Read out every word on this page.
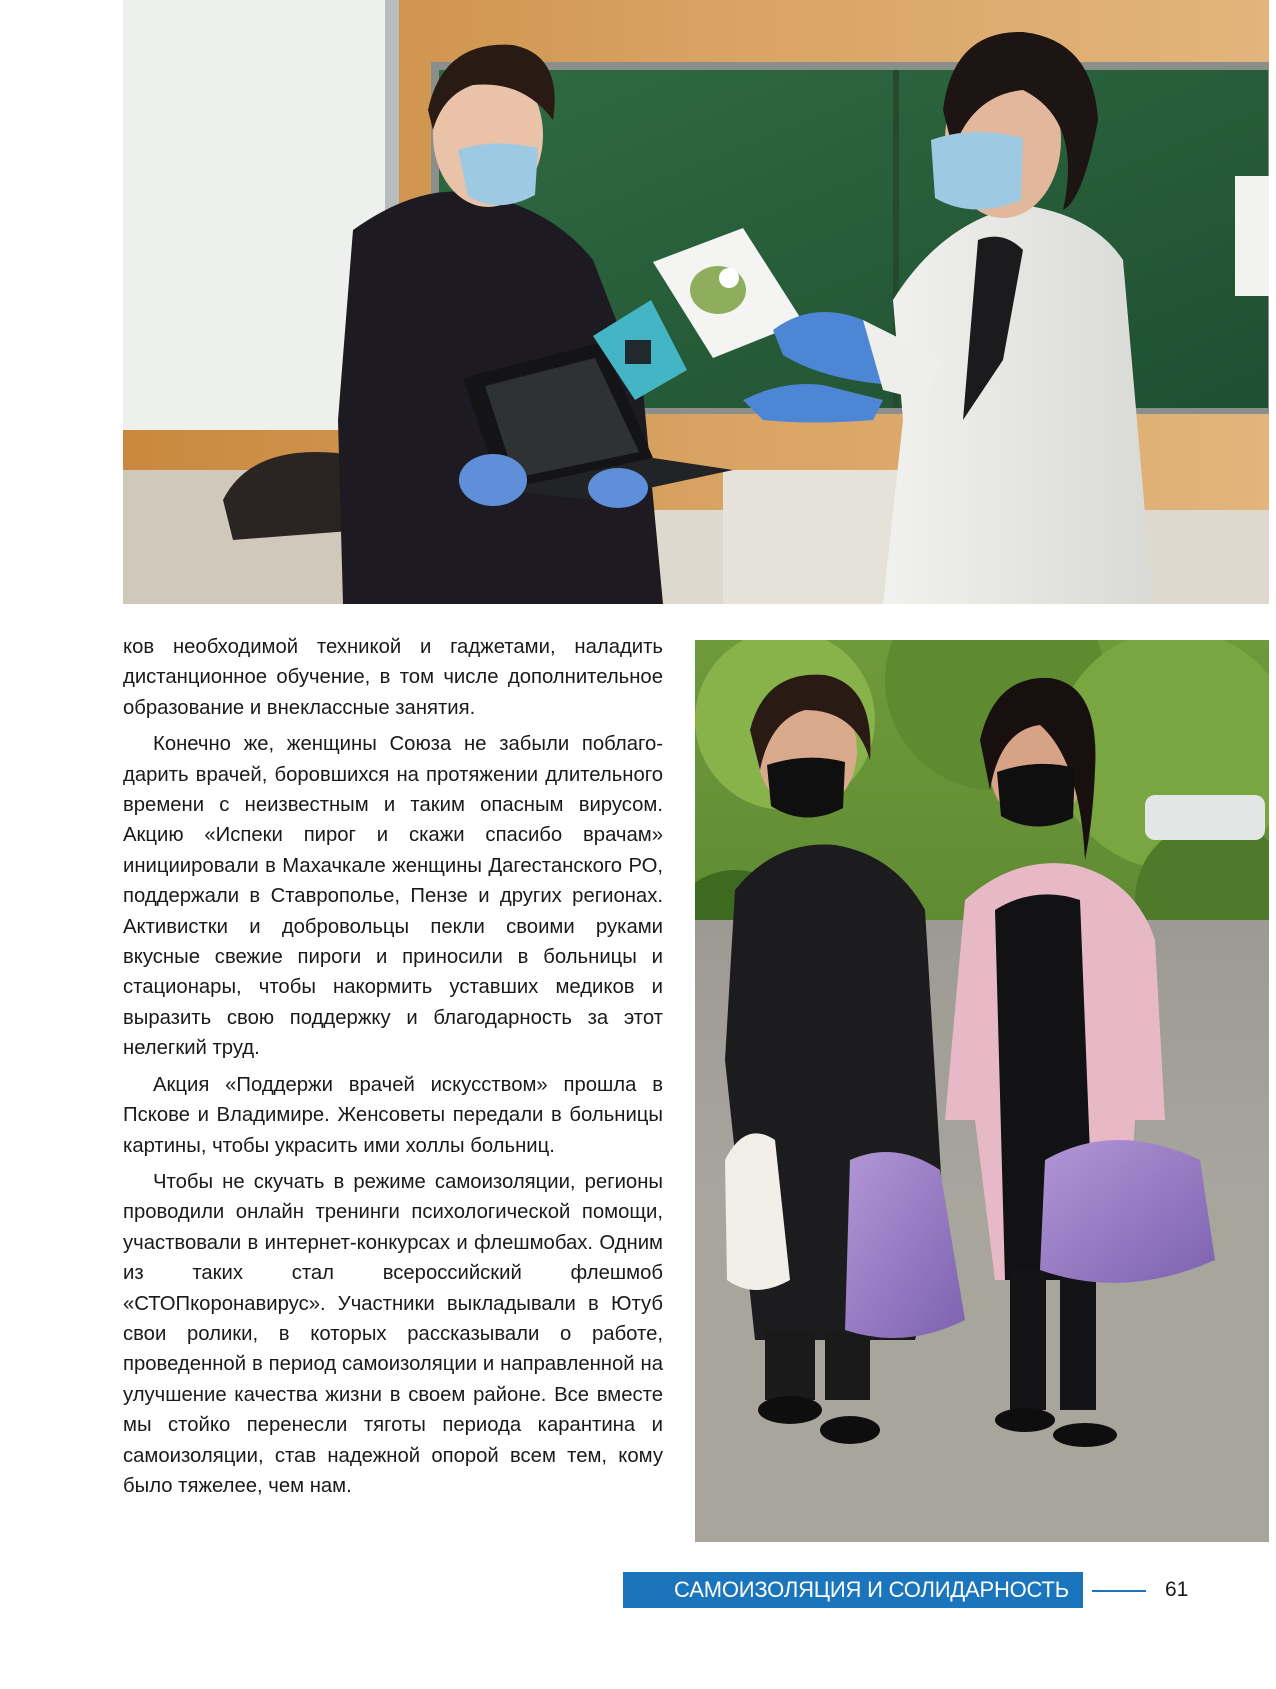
ков необходимой техникой и гаджетами, наладить дистанционное обучение, в том числе дополнительное образование и внеклассные занятия.

Конечно же, женщины Союза не забыли поблагодарить врачей, боровшихся на протяжении длительного времени с неизвестным и таким опасным вирусом. Акцию «Испеки пирог и скажи спасибо врачам» инициировали в Махачкале женщины Дагестанского РО, поддержали в Ставрополье, Пензе и других регионах. Активистки и добровольцы пекли своими руками вкусные свежие пироги и приносили в больницы и стационары, чтобы накормить уставших медиков и выразить свою поддержку и благодарность за этот нелегкий труд.

Акция «Поддержи врачей искусством» прошла в Пскове и Владимире. Женсоветы передали в больницы картины, чтобы украсить ими холлы больниц.

Чтобы не скучать в режиме самоизоляции, регионы проводили онлайн тренинги психологической помощи, участвовали в интернет-конкурсах и флешмобах. Одним из таких стал всероссийский флешмоб «СТОПкоронавирус». Участники выкладывали в Ютуб свои ролики, в которых рассказывали о работе, проведенной в период самоизоляции и направленной на улучшение качества жизни в своем районе. Все вместе мы стойко перенесли тяготы периода карантина и самоизоляции, став надежной опорой всем тем, кому было тяжелее, чем нам.

САМОИЗОЛЯЦИЯ И СОЛИДАРНОСТЬ	61
